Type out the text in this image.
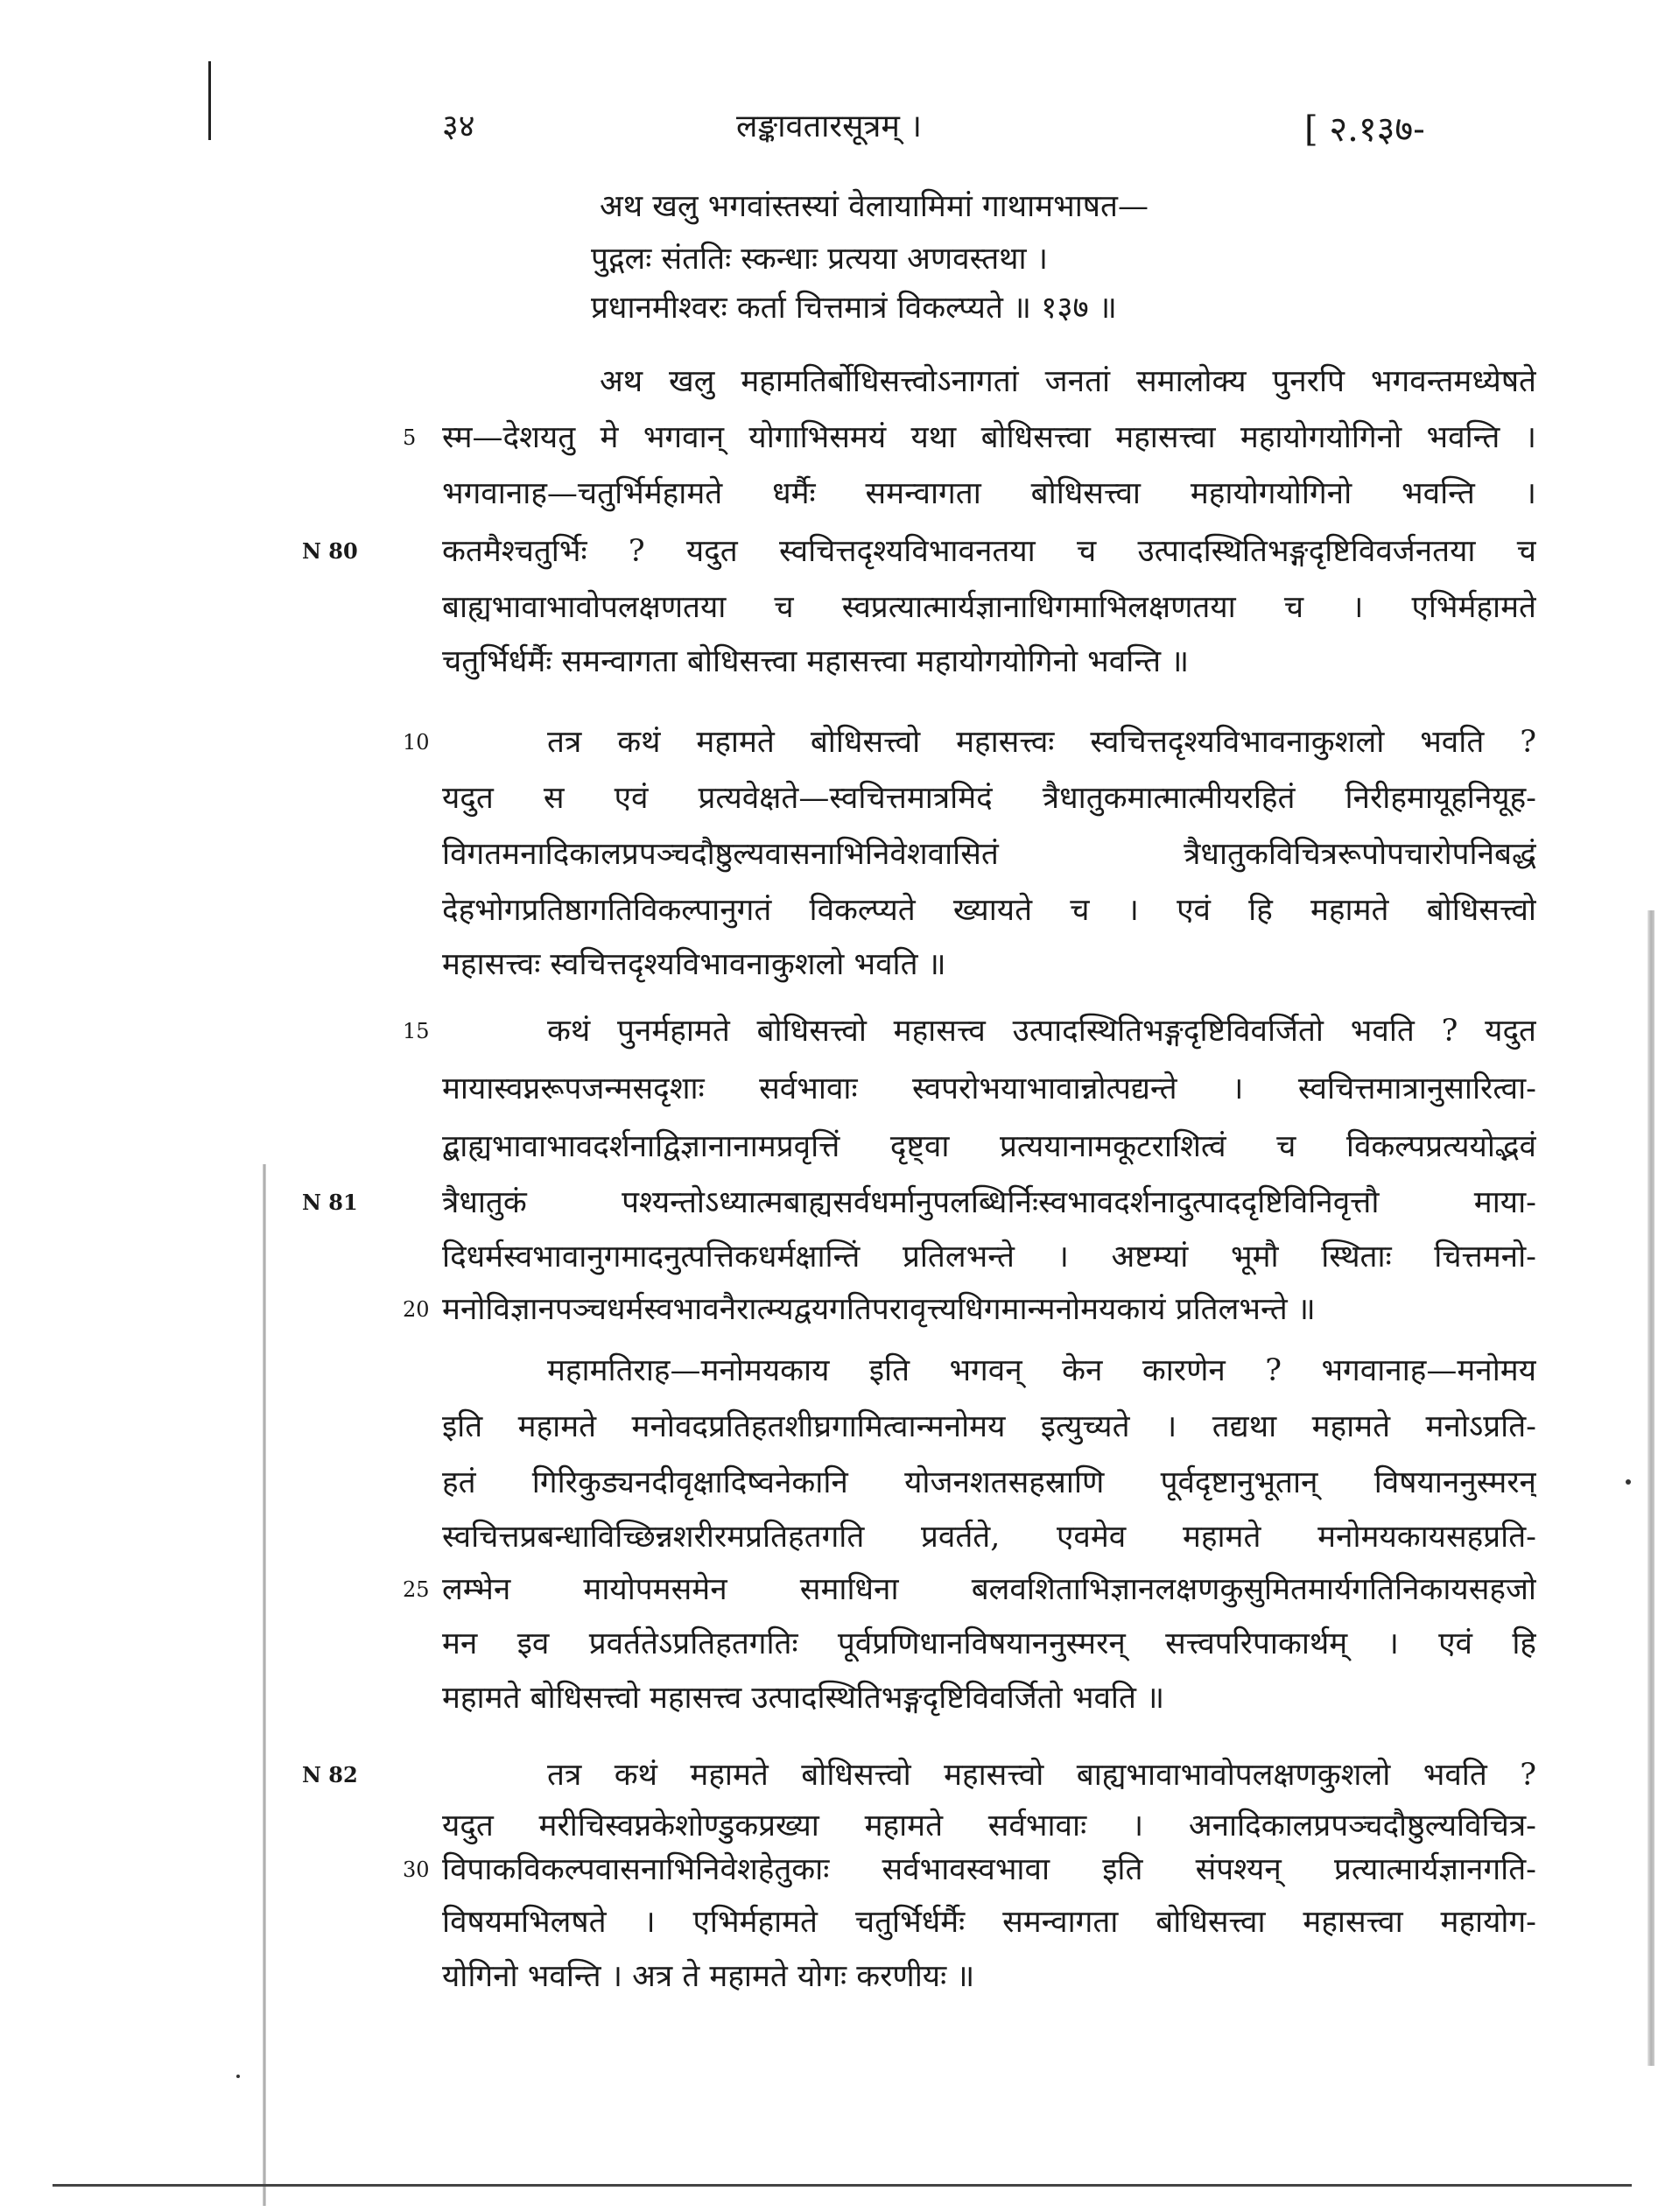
३४	लङ्कावतारसूत्रम् ।	[ २.१३७-
5
10
15
20
25
30
N 80
N 81
N 82
अथ खलु भगवांस्तस्यां वेलायामिमां गाथामभाषत—
पुद्गलः संततिः स्कन्धाः प्रत्यया अणवस्तथा ।
प्रधानमीश्वरः कर्ता चित्तमात्रं विकल्प्यते ॥ १३७ ॥
अथ खलु महामतिर्बोधिसत्त्वोऽनागतां जनतां समालोक्य पुनरपि भगवन्तमध्येषते
स्म—देशयतु मे भगवान् योगाभिसमयं यथा बोधिसत्त्वा महासत्त्वा महायोगयोगिनो भवन्ति ।
भगवानाह—चतुर्भिर्महामते धर्मैः समन्वागता बोधिसत्त्वा महायोगयोगिनो भवन्ति ।
कतमैश्चतुर्भिः ? यदुत स्वचित्तदृश्यविभावनतया च उत्पादस्थितिभङ्गदृष्टिविवर्जनतया च
बाह्यभावाभावोपलक्षणतया च स्वप्रत्यात्मार्यज्ञानाधिगमाभिलक्षणतया च । एभिर्महामते
चतुर्भिर्धर्मैः समन्वागता बोधिसत्त्वा महासत्त्वा महायोगयोगिनो भवन्ति ॥
तत्र कथं महामते बोधिसत्त्वो महासत्त्वः स्वचित्तदृश्यविभावनाकुशलो भवति ?
यदुत स एवं प्रत्यवेक्षते—स्वचित्तमात्रमिदं त्रैधातुकमात्मात्मीयरहितं निरीहमायूहनियूह-
विगतमनादिकालप्रपञ्चदौष्ठुल्यवासनाभिनिवेशवासितं त्रैधातुकविचित्ररूपोपचारोपनिबद्धं
देहभोगप्रतिष्ठागतिविकल्पानुगतं विकल्प्यते ख्यायते च । एवं हि महामते बोधिसत्त्वो
महासत्त्वः स्वचित्तदृश्यविभावनाकुशलो भवति ॥
कथं पुनर्महामते बोधिसत्त्वो महासत्त्व उत्पादस्थितिभङ्गदृष्टिविवर्जितो भवति ? यदुत
मायास्वप्नरूपजन्मसदृशाः सर्वभावाः स्वपरोभयाभावान्नोत्पद्यन्ते । स्वचित्तमात्रानुसारित्वा-
द्बाह्यभावाभावदर्शनाद्विज्ञानानामप्रवृत्तिं दृष्ट्वा प्रत्ययानामकूटराशित्वं च विकल्पप्रत्ययोद्भवं
त्रैधातुकं पश्यन्तोऽध्यात्मबाह्यसर्वधर्मानुपलब्धिर्निःस्वभावदर्शनादुत्पाददृष्टिविनिवृत्तौ माया-
दिधर्मस्वभावानुगमादनुत्पत्तिकधर्मक्षान्तिं प्रतिलभन्ते । अष्टम्यां भूमौ स्थिताः चित्तमनो-
मनोविज्ञानपञ्चधर्मस्वभावनैरात्म्यद्वयगतिपरावृत्त्यधिगमान्मनोमयकायं प्रतिलभन्ते ॥
महामतिराह—मनोमयकाय इति भगवन् केन कारणेन ? भगवानाह—मनोमय
इति महामते मनोवदप्रतिहतशीघ्रगामित्वान्मनोमय इत्युच्यते । तद्यथा महामते मनोऽप्रति-
हतं गिरिकुड्यनदीवृक्षादिष्वनेकानि योजनशतसहस्राणि पूर्वदृष्टानुभूतान् विषयाननुस्मरन्
स्वचित्तप्रबन्धाविच्छिन्नशरीरमप्रतिहतगति प्रवर्तते, एवमेव महामते मनोमयकायसहप्रति-
लम्भेन मायोपमसमेन समाधिना बलवशिताभिज्ञानलक्षणकुसुमितमार्यगतिनिकायसहजो
मन इव प्रवर्ततेऽप्रतिहतगतिः पूर्वप्रणिधानविषयाननुस्मरन् सत्त्वपरिपाकार्थम् । एवं हि
महामते बोधिसत्त्वो महासत्त्व उत्पादस्थितिभङ्गदृष्टिविवर्जितो भवति ॥
तत्र कथं महामते बोधिसत्त्वो महासत्त्वो बाह्यभावाभावोपलक्षणकुशलो भवति ?
यदुत मरीचिस्वप्नकेशोण्डुकप्रख्या महामते सर्वभावाः । अनादिकालप्रपञ्चदौष्ठुल्यविचित्र-
विपाकविकल्पवासनाभिनिवेशहेतुकाः सर्वभावस्वभावा इति संपश्यन् प्रत्यात्मार्यज्ञानगति-
विषयमभिलषते । एभिर्महामते चतुर्भिर्धर्मैः समन्वागता बोधिसत्त्वा महासत्त्वा महायोग-
योगिनो भवन्ति । अत्र ते महामते योगः करणीयः ॥
